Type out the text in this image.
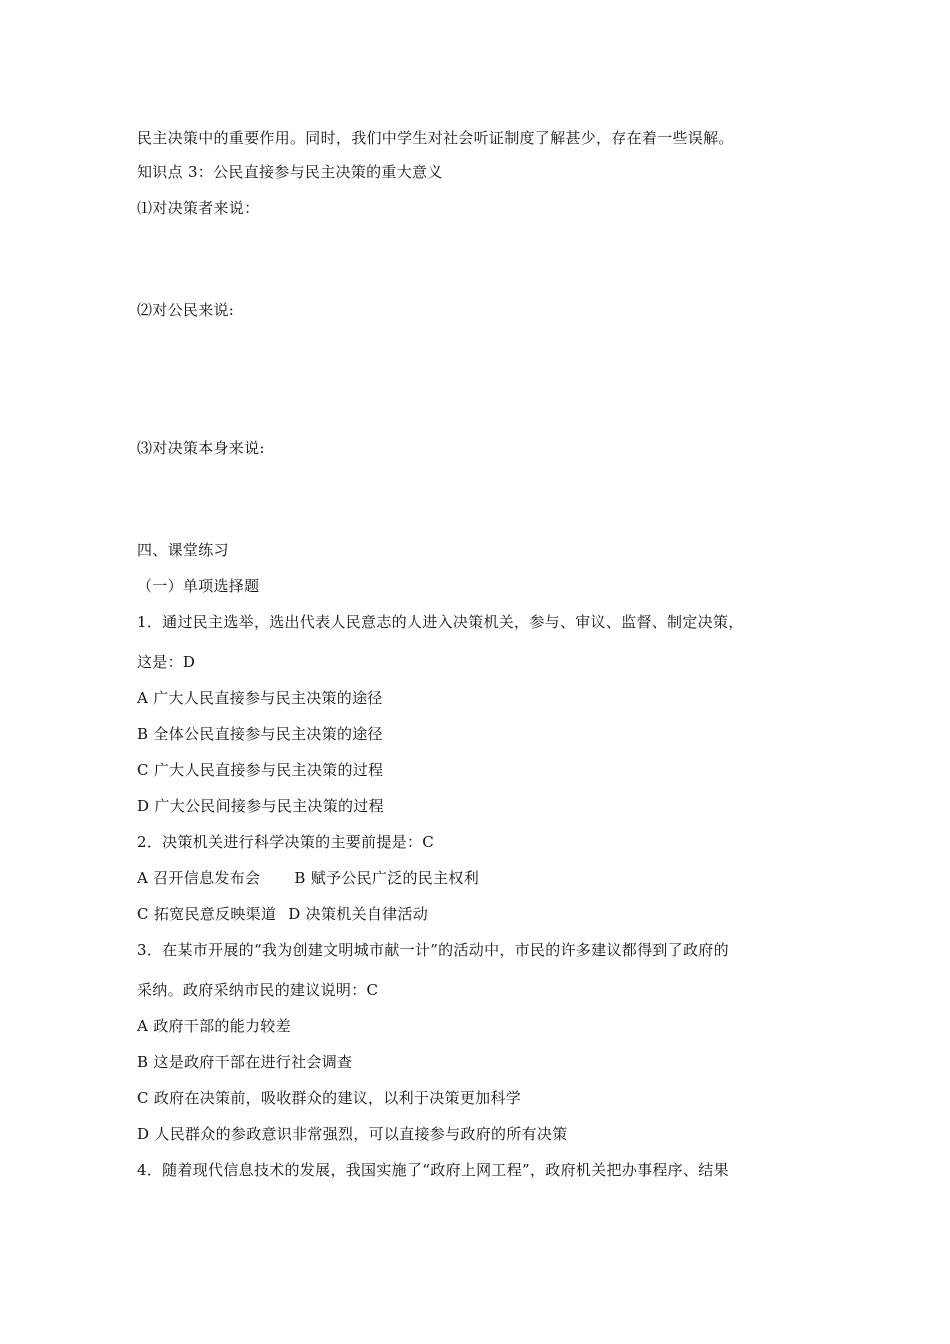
民主决策中的重要作用。同时，我们中学生对社会听证制度了解甚少，存在着一些误解。
知识点 3：公民直接参与民主决策的重大意义
⑴对决策者来说：
⑵对公民来说:
⑶对决策本身来说:
四、课堂练习
（一）单项选择题
1．通过民主选举，选出代表人民意志的人进入决策机关，参与、审议、监督、制定决策，
这是：D
A 广大人民直接参与民主决策的途径
B 全体公民直接参与民主决策的途径
C 广大人民直接参与民主决策的过程
D 广大公民间接参与民主决策的过程
2．决策机关进行科学决策的主要前提是：C
A 召开信息发布会 B 赋予公民广泛的民主权利
C 拓宽民意反映渠道 D 决策机关自律活动
3．在某市开展的“我为创建文明城市献一计”的活动中，市民的许多建议都得到了政府的
采纳。政府采纳市民的建议说明：C
A 政府干部的能力较差
B 这是政府干部在进行社会调查
C 政府在决策前，吸收群众的建议，以利于决策更加科学
D 人民群众的参政意识非常强烈，可以直接参与政府的所有决策
4．随着现代信息技术的发展，我国实施了“政府上网工程”，政府机关把办事程序、结果
